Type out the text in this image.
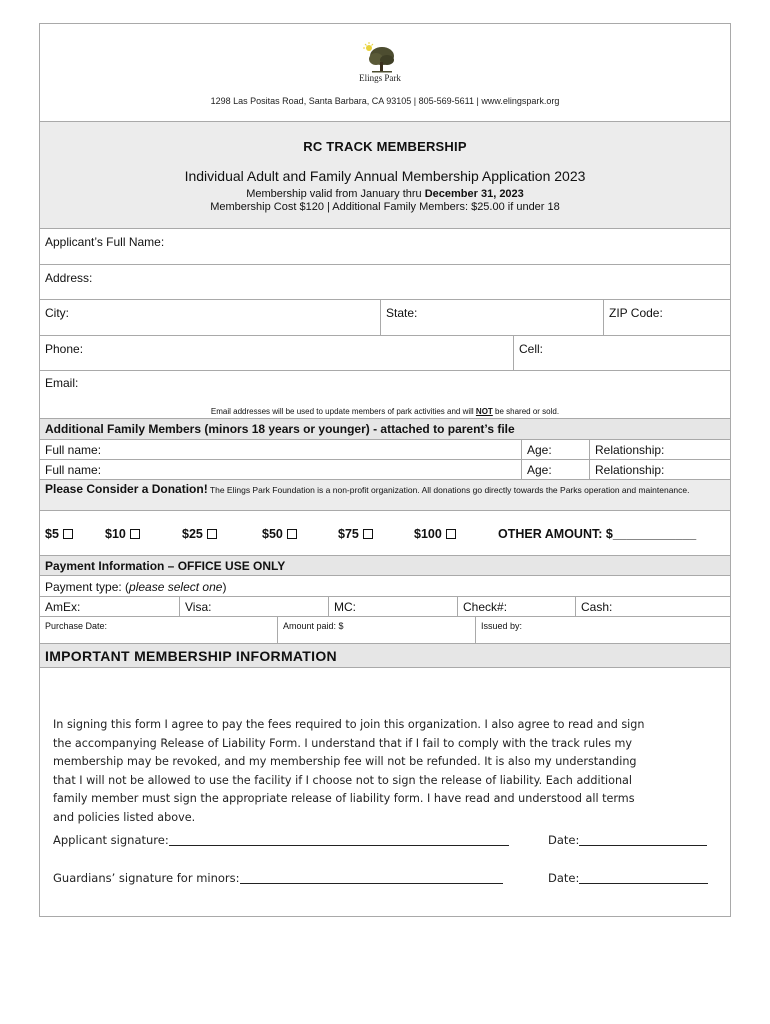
Elings Park
1298 Las Positas Road, Santa Barbara, CA 93105 | 805-569-5611 | www.elingspark.org
RC TRACK MEMBERSHIP
Individual Adult and Family Annual Membership Application 2023
Membership valid from January thru December 31, 2023
Membership Cost $120 | Additional Family Members: $25.00 if under 18
Applicant’s Full Name:
Address:
City:	State:	ZIP Code:
Phone:	Cell:
Email:
Email addresses will be used to update members of park activities and will NOT be shared or sold.
Additional Family Members (minors 18 years or younger) - attached to parent’s file
Full name:	Age:	Relationship:
Full name:	Age:	Relationship:
Please Consider a Donation! The Elings Park Foundation is a non-profit organization. All donations go directly towards the Parks operation and maintenance.
$5	$10	$25	$50	$75	$100	OTHER AMOUNT: $____________
Payment Information – OFFICE USE ONLY
Payment type: (please select one)
AmEx:	Visa:	MC:	Check#:	Cash:
Purchase Date:	Amount paid: $	Issued by:
IMPORTANT MEMBERSHIP INFORMATION
In signing this form I agree to pay the fees required to join this organization. I also agree to read and sign
the accompanying Release of Liability Form. I understand that if I fail to comply with the track rules my
membership may be revoked, and my membership fee will not be refunded. It is also my understanding
that I will not be allowed to use the facility if I choose not to sign the release of liability. Each additional
family member must sign the appropriate release of liability form. I have read and understood all terms
and policies listed above.
Applicant signature:	Date:
Guardians’ signature for minors:	Date:
